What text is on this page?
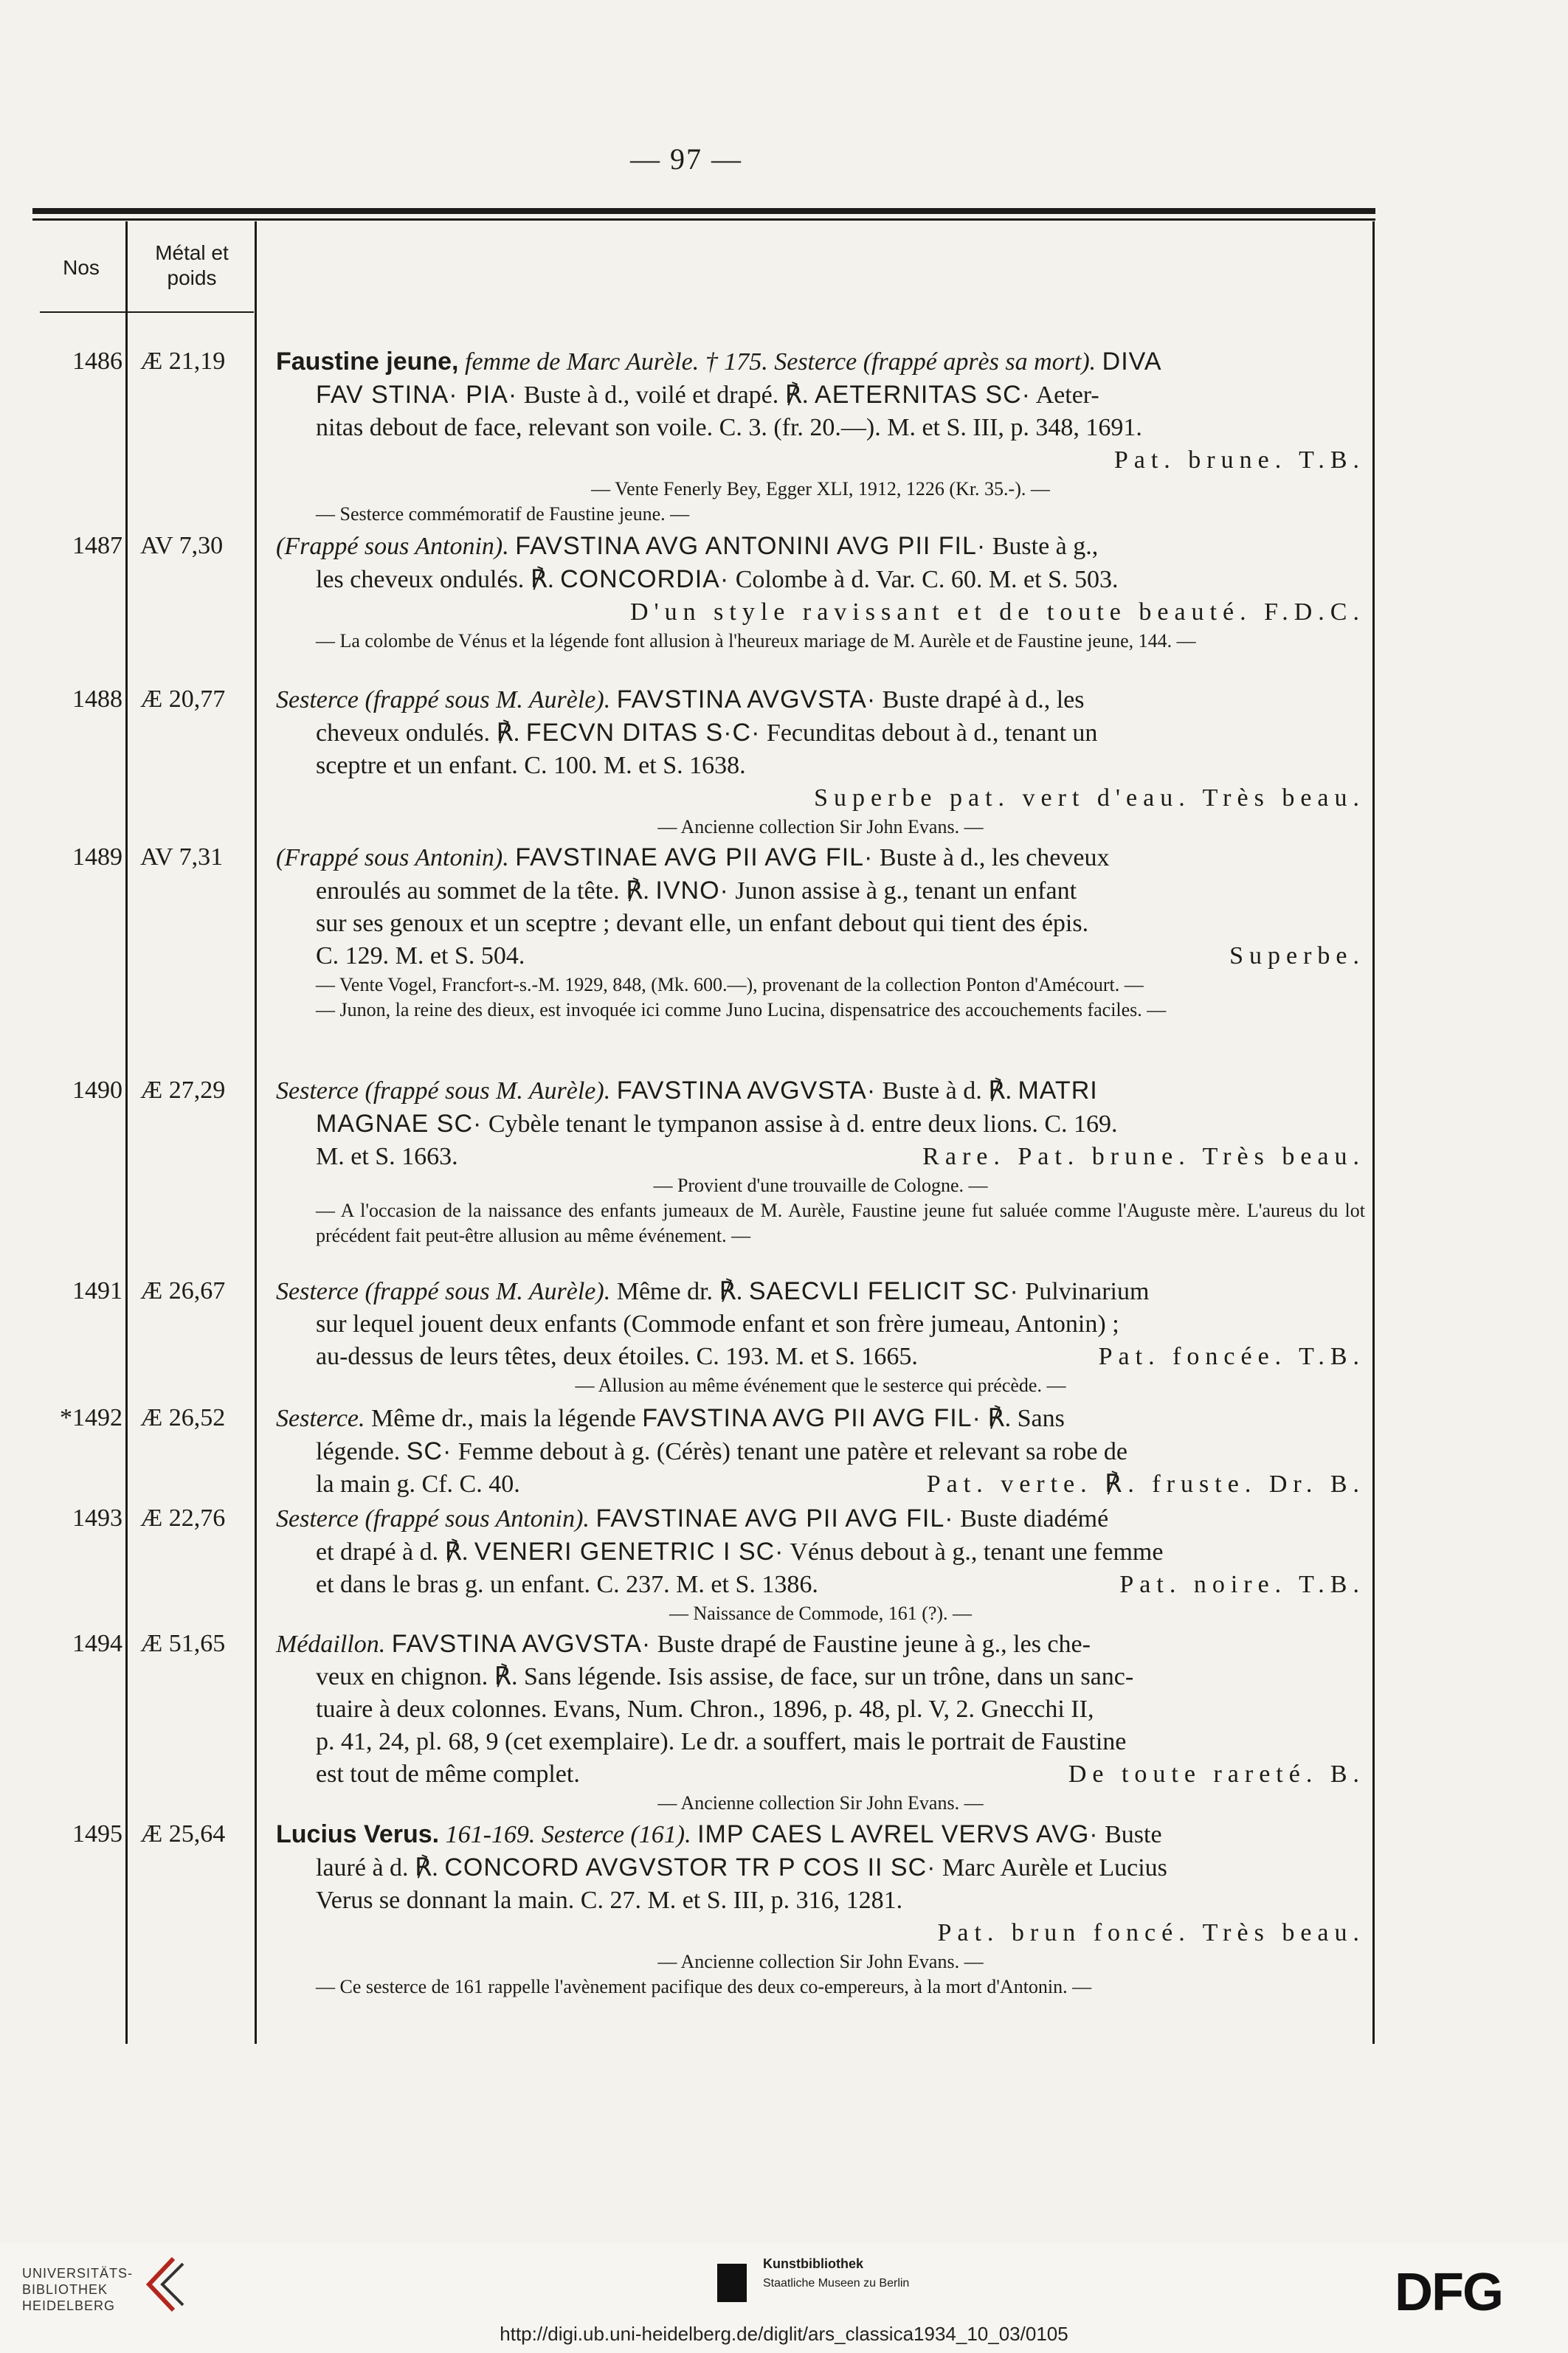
— 97 —
Nos
Métal et
poids
1486 Æ 21,19	Faustine jeune, femme de Marc Aurèle. † 175. Sesterce (frappé après sa mort). DIVA

FAV STINA· PIA· Buste à d., voilé et drapé. ℟. AETERNITAS SC· Aeter-

nitas debout de face, relevant son voile. C. 3. (fr. 20.—). M. et S. III, p. 348, 1691.

Pat. brune. T.B.

— Vente Fenerly Bey, Egger XLI, 1912, 1226 (Kr. 35.-). —

— Sesterce commémoratif de Faustine jeune. —

1487 AV 7,30	(Frappé sous Antonin). FAVSTINA AVG ANTONINI AVG PII FIL· Buste à g.,

les cheveux ondulés. ℟. CONCORDIA· Colombe à d. Var. C. 60. M. et S. 503.

D'un style ravissant et de toute beauté. F.D.C.

— La colombe de Vénus et la légende font allusion à l'heureux mariage de M. Aurèle et de Faustine jeune, 144. —

1488 Æ 20,77	Sesterce (frappé sous M. Aurèle). FAVSTINA AVGVSTA· Buste drapé à d., les

cheveux ondulés. ℟. FECVN DITAS S·C· Fecunditas debout à d., tenant un

sceptre et un enfant. C. 100. M. et S. 1638.

Superbe pat. vert d'eau. Très beau.

— Ancienne collection Sir John Evans. —

1489 AV 7,31	(Frappé sous Antonin). FAVSTINAE AVG PII AVG FIL· Buste à d., les cheveux

enroulés au sommet de la tête. ℟. IVNO· Junon assise à g., tenant un enfant

sur ses genoux et un sceptre ; devant elle, un enfant debout qui tient des épis.

C. 129. M. et S. 504.	Superbe.

— Vente Vogel, Francfort-s.-M. 1929, 848, (Mk. 600.—), provenant de la collection Ponton d'Amécourt. —

— Junon, la reine des dieux, est invoquée ici comme Juno Lucina, dispensatrice des accouchements faciles. —

1490 Æ 27,29	Sesterce (frappé sous M. Aurèle). FAVSTINA AVGVSTA· Buste à d. ℟. MATRI

MAGNAE SC· Cybèle tenant le tympanon assise à d. entre deux lions. C. 169.

M. et S. 1663.	Rare. Pat. brune. Très beau.

— Provient d'une trouvaille de Cologne. —

— A l'occasion de la naissance des enfants jumeaux de M. Aurèle, Faustine jeune fut saluée comme l'Auguste mère. L'aureus du lot précédent fait peut-être allusion au même événement. —

1491 Æ 26,67	Sesterce (frappé sous M. Aurèle). Même dr. ℟. SAECVLI FELICIT SC· Pulvinarium

sur lequel jouent deux enfants (Commode enfant et son frère jumeau, Antonin) ;

au-dessus de leurs têtes, deux étoiles. C. 193. M. et S. 1665.	Pat. foncée. T.B.

— Allusion au même événement que le sesterce qui précède. —

*1492 Æ 26,52	Sesterce. Même dr., mais la légende FAVSTINA AVG PII AVG FIL· ℟. Sans

légende. SC· Femme debout à g. (Cérès) tenant une patère et relevant sa robe de

la main g. Cf. C. 40.	Pat. verte. ℟. fruste. Dr. B.

1493 Æ 22,76	Sesterce (frappé sous Antonin). FAVSTINAE AVG PII AVG FIL· Buste diadémé

et drapé à d. ℟. VENERI GENETRIC I SC· Vénus debout à g., tenant une femme

et dans le bras g. un enfant. C. 237. M. et S. 1386.	Pat. noire. T.B.

— Naissance de Commode, 161 (?). —

1494 Æ 51,65	Médaillon. FAVSTINA AVGVSTA· Buste drapé de Faustine jeune à g., les che-

veux en chignon. ℟. Sans légende. Isis assise, de face, sur un trône, dans un sanc-

tuaire à deux colonnes. Evans, Num. Chron., 1896, p. 48, pl. V, 2. Gnecchi II,

p. 41, 24, pl. 68, 9 (cet exemplaire). Le dr. a souffert, mais le portrait de Faustine

est tout de même complet.	De toute rareté. B.

— Ancienne collection Sir John Evans. —

1495 Æ 25,64	Lucius Verus. 161-169. Sesterce (161). IMP CAES L AVREL VERVS AVG· Buste

lauré à d. ℟. CONCORD AVGVSTOR TR P COS II SC· Marc Aurèle et Lucius

Verus se donnant la main. C. 27. M. et S. III, p. 316, 1281.

Pat. brun foncé. Très beau.

— Ancienne collection Sir John Evans. —

— Ce sesterce de 161 rappelle l'avènement pacifique des deux co-empereurs, à la mort d'Antonin. —

UNIVERSITÄTS-
BIBLIOTHEK
HEIDELBERG
Kunstbibliothek
Staatliche Museen zu Berlin	DFG
http://digi.ub.uni-heidelberg.de/diglit/ars_classica1934_10_03/0105
